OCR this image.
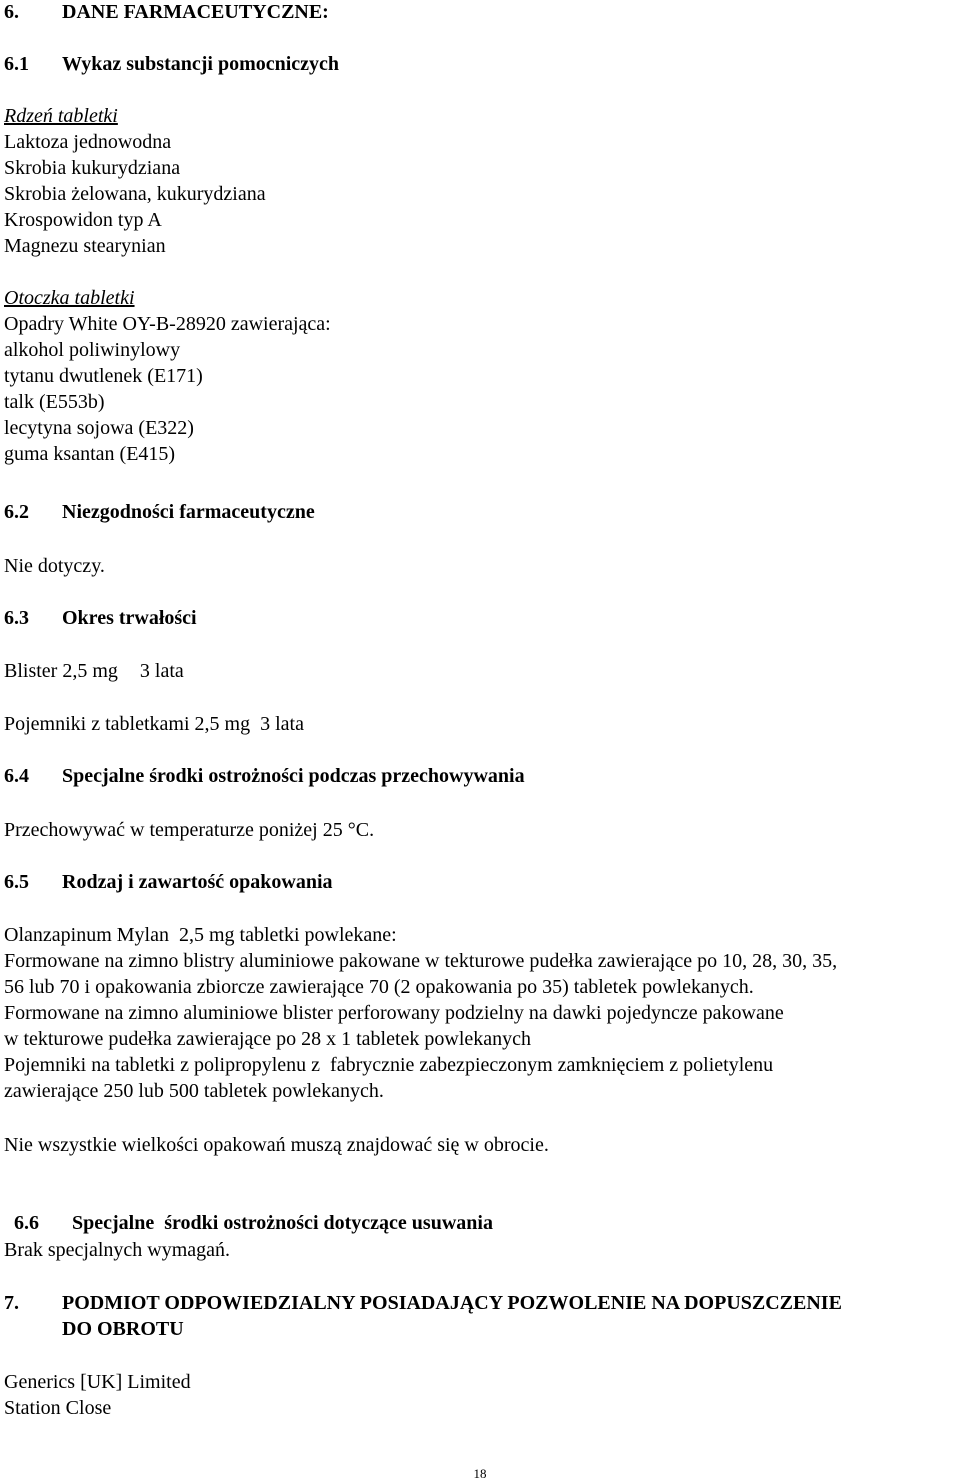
6. DANE FARMACEUTYCZNE:
6.1 Wykaz substancji pomocniczych
Rdzeń tabletki
Laktoza jednowodna
Skrobia kukurydziana
Skrobia żelowana, kukurydziana
Krospowidon typ A
Magnezu stearynian
Otoczka tabletki
Opadry White OY-B-28920 zawierająca:
alkohol poliwinylowy
tytanu dwutlenek (E171)
talk (E553b)
lecytyna sojowa (E322)
guma ksantan (E415)
6.2 Niezgodności farmaceutyczne
Nie dotyczy.
6.3 Okres trwałości
Blister 2,5 mg 3 lata
Pojemniki z tabletkami 2,5 mg  3 lata
6.4 Specjalne środki ostrożności podczas przechowywania
Przechowywać w temperaturze poniżej 25 °C.
6.5 Rodzaj i zawartość opakowania
Olanzapinum Mylan  2,5 mg tabletki powlekane:
Formowane na zimno blistry aluminiowe pakowane w tekturowe pudełka zawierające po 10, 28, 30, 35,
56 lub 70 i opakowania zbiorcze zawierające 70 (2 opakowania po 35) tabletek powlekanych.
Formowane na zimno aluminiowe blister perforowany podzielny na dawki pojedyncze pakowane
w tekturowe pudełka zawierające po 28 x 1 tabletek powlekanych
Pojemniki na tabletki z polipropylenu z  fabrycznie zabezpieczonym zamknięciem z polietylenu
zawierające 250 lub 500 tabletek powlekanych.
Nie wszystkie wielkości opakowań muszą znajdować się w obrocie.

6.6 Specjalne  środki ostrożności dotyczące usuwania

Brak specjalnych wymagań.
7. PODMIOT ODPOWIEDZIALNY POSIADAJĄCY POZWOLENIE NA DOPUSZCZENIE
DO OBROTU
Generics [UK] Limited
Station Close
18
